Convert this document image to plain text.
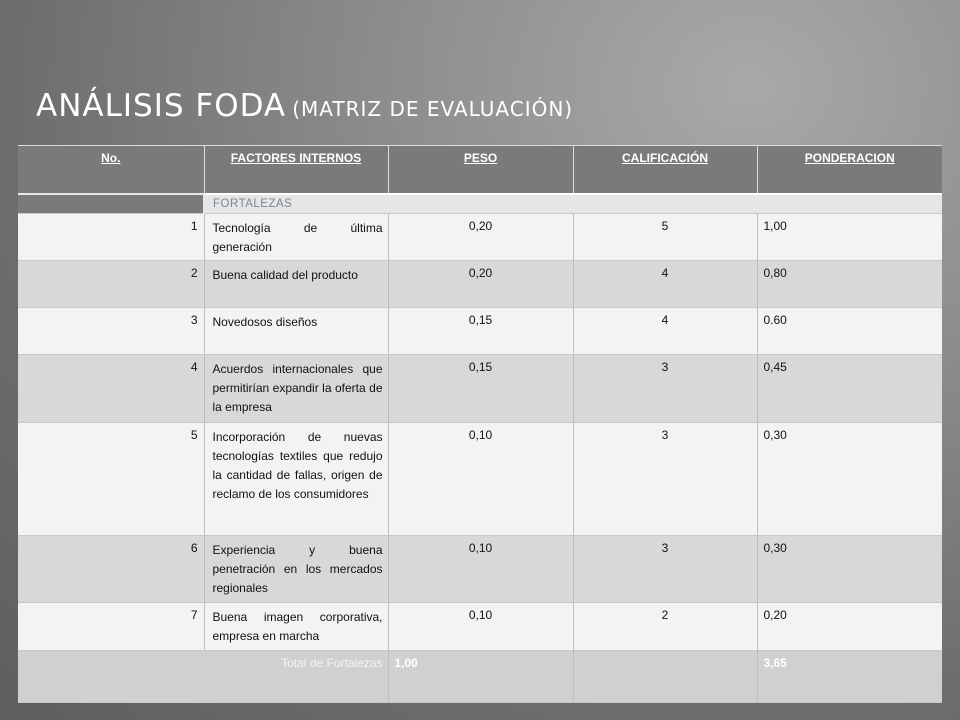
ANÁLISIS FODA (MATRIZ DE EVALUACIÓN)
No.	FACTORES INTERNOS	PESO	CALIFICACIÓN	PONDERACION
	FORTALEZAS			
1	Tecnología de última generación	0,20	5	1,00
2	Buena calidad del producto	0,20	4	0,80
3	Novedosos diseños	0,15	4	0.60
4	Acuerdos internacionales que permitirían expandir la oferta de la empresa	0,15	3	0,45
5	Incorporación de nuevas tecnologías textiles que redujo la cantidad de fallas, origen de reclamo de los consumidores	0,10	3	0,30
6	Experiencia y buena penetración en los mercados regionales	0,10	3	0,30
7	Buena imagen corporativa, empresa en marcha	0,10	2	0,20
Total de Fortalezas		1,00		3,65
